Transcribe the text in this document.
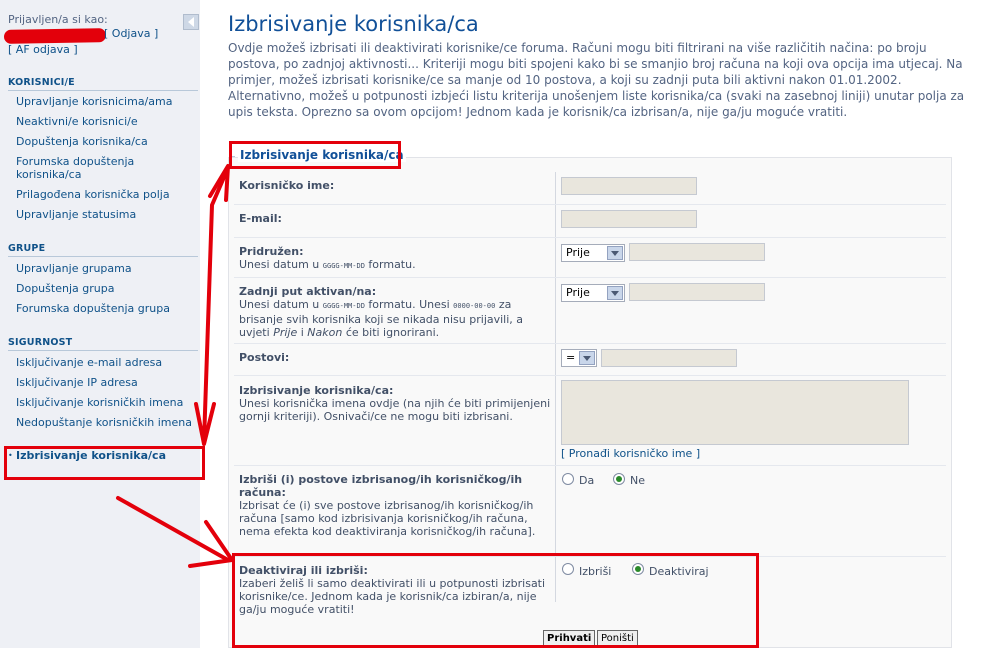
Prijavljen/a si kao:
[ Odjava ]
[ AF odjava ]
KORISNICI/E
Upravljanje korisnicima/ama
Neaktivni/e korisnici/e
Dopuštenja korisnika/ca
Forumska dopuštenja korisnika/ca
Prilagođena korisnička polja
Upravljanje statusima
GRUPE
Upravljanje grupama
Dopuštenja grupa
Forumska dopuštenja grupa
SIGURNOST
Isključivanje e-mail adresa
Isključivanje IP adresa
Isključivanje korisničkih imena
Nedopuštanje korisničkih imena
• Izbrisivanje korisnika/ca
Izbrisivanje korisnika/ca

Ovdje možeš izbrisati ili deaktivirati korisnike/ce foruma. Računi mogu biti filtrirani na više različitih načina: po broju postova, po zadnjoj aktivnosti... Kriteriji mogu biti spojeni kako bi se smanjio broj računa na koji ova opcija ima utjecaj. Na primjer, možeš izbrisati korisnike/ce sa manje od 10 postova, a koji su zadnji puta bili aktivni nakon 01.01.2002. Alternativno, možeš u potpunosti izbjeći listu kriterija unošenjem liste korisnika/ca (svaki na zasebnoj liniji) unutar polja za upis teksta. Oprezno sa ovom opcijom! Jednom kada je korisnik/ca izbrisan/a, nije ga/ju moguće vratiti.

Izbrisivanje korisnika/ca
Korisničko ime:
E-mail:
Pridružen:
Unesi datum u GGGG-MM-DD formatu.
Prije
Zadnji put aktivan/na:
Unesi datum u GGGG-MM-DD formatu. Unesi 0000-00-00 za brisanje svih korisnika koji se nikada nisu prijavili, a uvjeti Prije i Nakon će biti ignorirani.
Prije
Postovi:	=
Izbrisivanje korisnika/ca:
Unesi korisnička imena ovdje (na njih će biti primijenjeni gornji kriteriji). Osnivači/ce ne mogu biti izbrisani.
[ Pronađi korisničko ime ]
Izbriši (i) postove izbrisanog/ih korisničkog/ih računa:
Izbrisat će (i) sve postove izbrisanog/ih korisničkog/ih računa [samo kod izbrisivanja korisničkog/ih računa, nema efekta kod deaktiviranja korisničkog/ih računa].
Da	Ne
Deaktiviraj ili izbriši:
Izaberi želiš li samo deaktivirati ili u potpunosti izbrisati korisnike/ce. Jednom kada je korisnik/ca izbiran/a, nije ga/ju moguće vratiti!
Izbriši	Deaktiviraj
Prihvati Poništi
